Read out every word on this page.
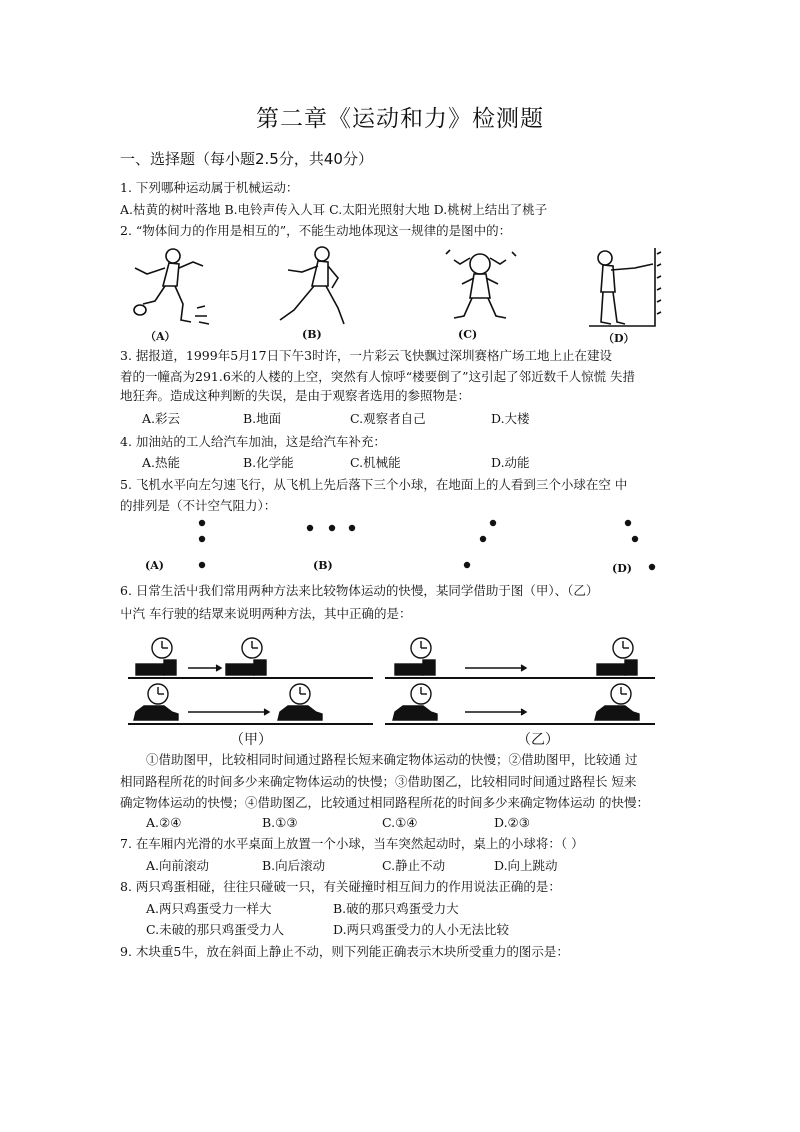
第二章《运动和力》检测题
一、选择题（每小题2.5分，共40分）
1. 下列哪种运动属于机械运动：
A.枯黄的树叶落地 B.电铃声传入人耳 C.太阳光照射大地 D.桃树上结出了桃子
2. “物体间力的作用是相互的”，不能生动地体现这一规律的是图中的：
（A）	(B)	(C)	（D）
3. 据报道，1999年5月17日下午3时许，一片彩云飞快飘过深圳赛格广场工地上止在建设
着的一幢高为291.6米的人楼的上空，突然有人惊呼“楼要倒了”这引起了邻近数千人惊慌 失措
地狂奔。造成这种判断的失误，是由于观察者选用的参照物是：
A.彩云	B.地面	C.观察者自己	D.大楼
4. 加油站的工人给汽车加油，这是给汽车补充：
A.热能	B.化学能	C.机械能	D.动能
5. 飞机水平向左匀速飞行，从飞机上先后落下三个小球，在地面上的人看到三个小球在空 中
的排列是（不计空气阻力）：
(A)	(B)	(D)
6. 日常生活屮我们常用两种方法来比较物体运动的快慢，某同学借助于图（甲）、（乙）
屮汽 车行驶的结眾来说明两种方法，其中正确的是：
（甲）	（乙）
①借助图甲，比较相同时间通过路程长短来确定物体运动的快慢；②借助图甲，比较通 过
相同路程所花的时间多少来确定物体运动的快慢；③借助图乙，比较相同时间通过路程长 短来
确定物体运动的快慢；④借助图乙，比较通过相同路程所花的时间多少来确定物体运动 的快慢：
A.②④	B.①③	C.①④	D.②③
7. 在车厢内光滑的水平桌面上放置一个小球，当车突然起动时，桌上的小球将：（ ）
A.向前滚动	B.向后滚动	C.静止不动	D.向上跳动
8. 两只鸡蛋相碰，往往只碰破一只，有关碰撞时相互间力的作用说法正确的是：
A.两只鸡蛋受力一样大	B.破的那只鸡蛋受力大
C.未破的那只鸡蛋受力人	D.两只鸡蛋受力的人小无法比较
9. 木块重5牛，放在斜面上静止不动，则下列能正确表示木块所受重力的图示是：
